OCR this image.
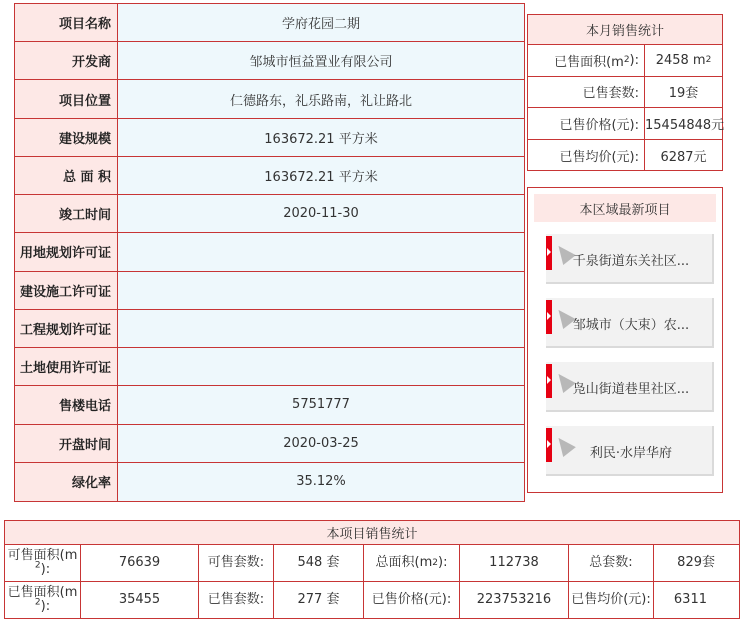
项目名称	学府花园二期
开发商	邹城市恒益置业有限公司
项目位置	仁德路东，礼乐路南，礼让路北
建设规模	163672.21 平方米
总 面 积	163672.21 平方米
竣工时间	2020-11-30
用地规划许可证
建设施工许可证
工程规划许可证
土地使用许可证
售楼电话	5751777
开盘时间	2020-03-25
绿化率	35.12%
本月销售统计
已售面积(m 2 ): 2458 m 2
已售套数:	19套
已售价格(元): 15454848元
已售均价(元):	6287元
本区域最新项目
千泉街道东关社区...
邹城市（大束）农...
凫山街道巷里社区...
利民·水岸华府
本项目销售统计
可售面积(m
$^2$):	76639	可售套数:	548 套	总面积(m 2 ):	112738	总套数:	829套
已售面积(m
$^2$):	35455	已售套数:	277 套	已售价格(元):	223753216	已售均价(元):	6311
